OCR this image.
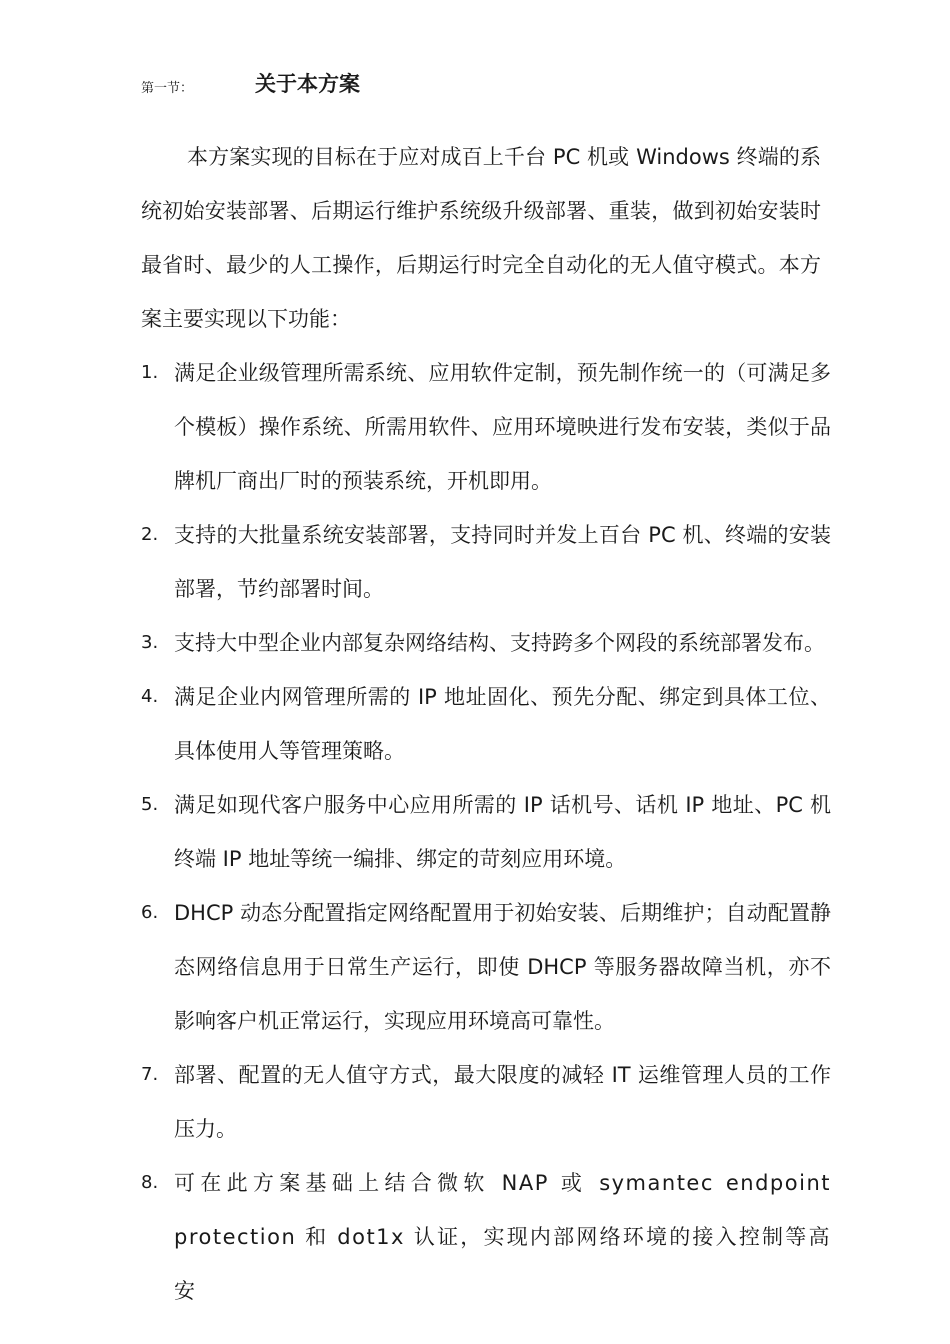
第一节：	关于本方案

本方案实现的目标在于应对成百上千台 PC 机或 Windows 终端的系统初始安装部署、后期运行维护系统级升级部署、重装，做到初始安装时最省时、最少的人工操作，后期运行时完全自动化的无人值守模式。本方案主要实现以下功能：

1. 满足企业级管理所需系统、应用软件定制，预先制作统一的（可满足多个模板）操作系统、所需用软件、应用环境映进行发布安装，类似于品牌机厂商出厂时的预装系统，开机即用。
2. 支持的大批量系统安装部署，支持同时并发上百台 PC 机、终端的安装部署，节约部署时间。
3. 支持大中型企业内部复杂网络结构、支持跨多个网段的系统部署发布。
4. 满足企业内网管理所需的 IP 地址固化、预先分配、绑定到具体工位、具体使用人等管理策略。
5. 满足如现代客户服务中心应用所需的 IP 话机号、话机 IP 地址、PC 机终端 IP 地址等统一编排、绑定的苛刻应用环境。
6. DHCP 动态分配置指定网络配置用于初始安装、后期维护；自动配置静态网络信息用于日常生产运行，即使 DHCP 等服务器故障当机，亦不影响客户机正常运行，实现应用环境高可靠性。
7. 部署、配置的无人值守方式，最大限度的减轻 IT 运维管理人员的工作压力。
8. 可在此方案基础上结合微软 NAP 或 symantec endpoint protection 和 dot1x 认证，实现内部网络环境的接入控制等高安
